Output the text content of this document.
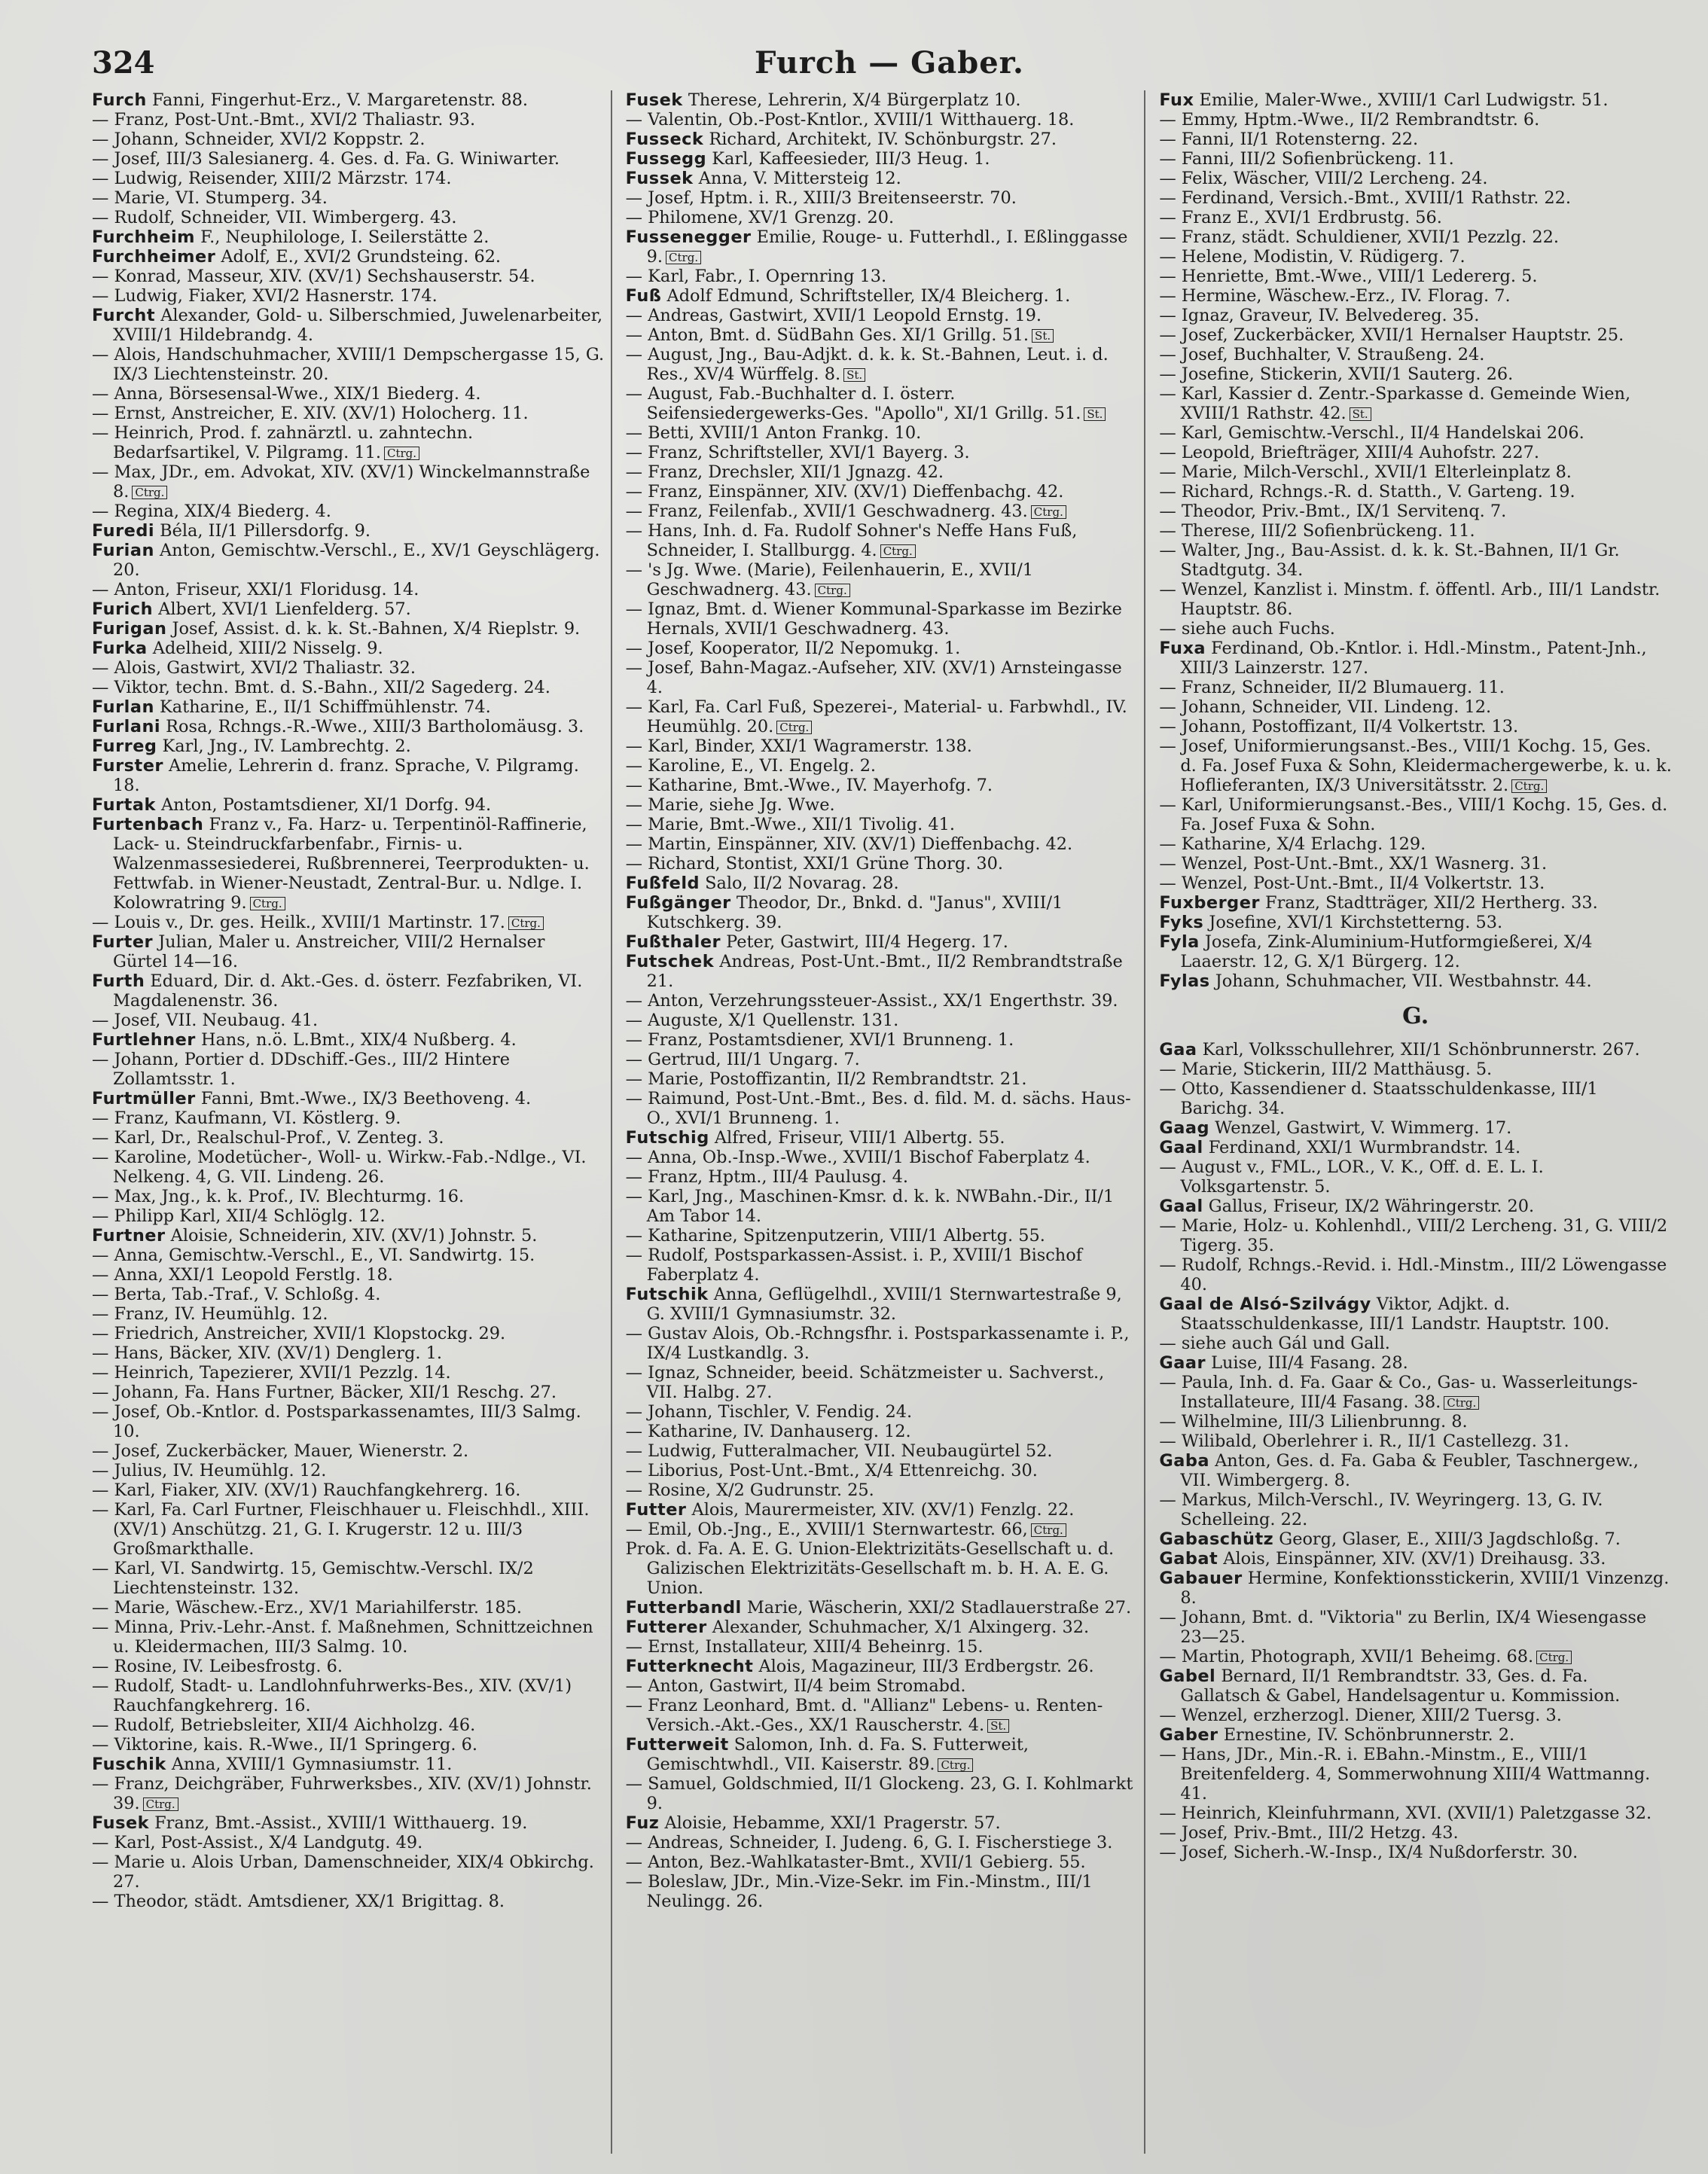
324	Furch — Gaber.
Furch Fanni, Fingerhut-Erz., V. Margaretenstr. 88.
— Franz, Post-Unt.-Bmt., XVI/2 Thaliastr. 93.
— Johann, Schneider, XVI/2 Koppstr. 2.
— Josef, III/3 Salesianerg. 4. Ges. d. Fa. G. Winiwarter.
— Ludwig, Reisender, XIII/2 Märzstr. 174.
— Marie, VI. Stumperg. 34.
— Rudolf, Schneider, VII. Wimbergerg. 43.
Furchheim F., Neuphilologe, I. Seilerstätte 2.
Furchheimer Adolf, E., XVI/2 Grundsteing. 62.
— Konrad, Masseur, XIV. (XV/1) Sechshauserstr. 54.
— Ludwig, Fiaker, XVI/2 Hasnerstr. 174.
Furcht Alexander, Gold- u. Silberschmied, Juwelenarbeiter, XVIII/1 Hildebrandg. 4.
— Alois, Handschuhmacher, XVIII/1 Dempschergasse 15, G. IX/3 Liechtensteinstr. 20.
— Anna, Börsesensal-Wwe., XIX/1 Biederg. 4.
— Ernst, Anstreicher, E. XIV. (XV/1) Holocherg. 11.
— Heinrich, Prod. f. zahnärztl. u. zahntechn. Bedarfsartikel, V. Pilgramg. 11. Ctrg.
— Max, JDr., em. Advokat, XIV. (XV/1) Winckelmannstraße 8. Ctrg.
— Regina, XIX/4 Biederg. 4.
Furedi Béla, II/1 Pillersdorfg. 9.
Furian Anton, Gemischtw.-Verschl., E., XV/1 Geyschlägerg. 20.
— Anton, Friseur, XXI/1 Floridusg. 14.
Furich Albert, XVI/1 Lienfelderg. 57.
Furigan Josef, Assist. d. k. k. St.-Bahnen, X/4 Rieplstr. 9.
Furka Adelheid, XIII/2 Nisselg. 9.
— Alois, Gastwirt, XVI/2 Thaliastr. 32.
— Viktor, techn. Bmt. d. S.-Bahn., XII/2 Sagederg. 24.
Furlan Katharine, E., II/1 Schiffmühlenstr. 74.
Furlani Rosa, Rchngs.-R.-Wwe., XIII/3 Bartholomäusg. 3.
Furreg Karl, Jng., IV. Lambrechtg. 2.
Furster Amelie, Lehrerin d. franz. Sprache, V. Pilgramg. 18.
Furtak Anton, Postamtsdiener, XI/1 Dorfg. 94.
Furtenbach Franz v., Fa. Harz- u. Terpentinöl-Raffinerie, Lack- u. Steindruckfarbenfabr., Firnis- u. Walzenmassesiederei, Rußbrennerei, Teerprodukten- u. Fettwfab. in Wiener-Neustadt, Zentral-Bur. u. Ndlge. I. Kolowratring 9. Ctrg.
— Louis v., Dr. ges. Heilk., XVIII/1 Martinstr. 17. Ctrg.
Furter Julian, Maler u. Anstreicher, VIII/2 Hernalser Gürtel 14—16.
Furth Eduard, Dir. d. Akt.-Ges. d. österr. Fezfabriken, VI. Magdalenenstr. 36.
— Josef, VII. Neubaug. 41.
Furtlehner Hans, n.ö. L.Bmt., XIX/4 Nußberg. 4.
— Johann, Portier d. DDschiff.-Ges., III/2 Hintere Zollamtsstr. 1.
Furtmüller Fanni, Bmt.-Wwe., IX/3 Beethoveng. 4.
— Franz, Kaufmann, VI. Köstlerg. 9.
— Karl, Dr., Realschul-Prof., V. Zenteg. 3.
— Karoline, Modetücher-, Woll- u. Wirkw.-Fab.-Ndlge., VI. Nelkeng. 4, G. VII. Lindeng. 26.
— Max, Jng., k. k. Prof., IV. Blechturmg. 16.
— Philipp Karl, XII/4 Schlöglg. 12.
Furtner Aloisie, Schneiderin, XIV. (XV/1) Johnstr. 5.
— Anna, Gemischtw.-Verschl., E., VI. Sandwirtg. 15.
— Anna, XXI/1 Leopold Ferstlg. 18.
— Berta, Tab.-Traf., V. Schloßg. 4.
— Franz, IV. Heumühlg. 12.
— Friedrich, Anstreicher, XVII/1 Klopstockg. 29.
— Hans, Bäcker, XIV. (XV/1) Denglerg. 1.
— Heinrich, Tapezierer, XVII/1 Pezzlg. 14.
— Johann, Fa. Hans Furtner, Bäcker, XII/1 Reschg. 27.
— Josef, Ob.-Kntlor. d. Postsparkassenamtes, III/3 Salmg. 10.
— Josef, Zuckerbäcker, Mauer, Wienerstr. 2.
— Julius, IV. Heumühlg. 12.
— Karl, Fiaker, XIV. (XV/1) Rauchfangkehrerg. 16.
— Karl, Fa. Carl Furtner, Fleischhauer u. Fleischhdl., XIII. (XV/1) Anschützg. 21, G. I. Krugerstr. 12 u. III/3 Großmarkthalle.
— Karl, VI. Sandwirtg. 15, Gemischtw.-Verschl. IX/2 Liechtensteinstr. 132.
— Marie, Wäschew.-Erz., XV/1 Mariahilferstr. 185.
— Minna, Priv.-Lehr.-Anst. f. Maßnehmen, Schnittzeichnen u. Kleidermachen, III/3 Salmg. 10.
— Rosine, IV. Leibesfrostg. 6.
— Rudolf, Stadt- u. Landlohnfuhrwerks-Bes., XIV. (XV/1) Rauchfangkehrerg. 16.
— Rudolf, Betriebsleiter, XII/4 Aichholzg. 46.
— Viktorine, kais. R.-Wwe., II/1 Springerg. 6.
Fuschik Anna, XVIII/1 Gymnasiumstr. 11.
— Franz, Deichgräber, Fuhrwerksbes., XIV. (XV/1) Johnstr. 39. Ctrg.
Fusek Franz, Bmt.-Assist., XVIII/1 Witthauerg. 19.
— Karl, Post-Assist., X/4 Landgutg. 49.
— Marie u. Alois Urban, Damenschneider, XIX/4 Obkirchg. 27.
— Theodor, städt. Amtsdiener, XX/1 Brigittag. 8.
Fusek Therese, Lehrerin, X/4 Bürgerplatz 10.
— Valentin, Ob.-Post-Kntlor., XVIII/1 Witthauerg. 18.
Fusseck Richard, Architekt, IV. Schönburgstr. 27.
Fussegg Karl, Kaffeesieder, III/3 Heug. 1.
Fussek Anna, V. Mittersteig 12.
— Josef, Hptm. i. R., XIII/3 Breitenseerstr. 70.
— Philomene, XV/1 Grenzg. 20.
Fussenegger Emilie, Rouge- u. Futterhdl., I. Eßlinggasse 9. Ctrg.
— Karl, Fabr., I. Opernring 13.
Fuß Adolf Edmund, Schriftsteller, IX/4 Bleicherg. 1.
— Andreas, Gastwirt, XVII/1 Leopold Ernstg. 19.
— Anton, Bmt. d. SüdBahn Ges. XI/1 Grillg. 51. St.
— August, Jng., Bau-Adjkt. d. k. k. St.-Bahnen, Leut. i. d. Res., XV/4 Würffelg. 8. St.
— August, Fab.-Buchhalter d. I. österr. Seifensiedergewerks-Ges. "Apollo", XI/1 Grillg. 51. St.
— Betti, XVIII/1 Anton Frankg. 10.
— Franz, Schriftsteller, XVI/1 Bayerg. 3.
— Franz, Drechsler, XII/1 Jgnazg. 42.
— Franz, Einspänner, XIV. (XV/1) Dieffenbachg. 42.
— Franz, Feilenfab., XVII/1 Geschwadnerg. 43. Ctrg.
— Hans, Inh. d. Fa. Rudolf Sohner's Neffe Hans Fuß, Schneider, I. Stallburgg. 4. Ctrg.
— 's Jg. Wwe. (Marie), Feilenhauerin, E., XVII/1 Geschwadnerg. 43. Ctrg.
— Ignaz, Bmt. d. Wiener Kommunal-Sparkasse im Bezirke Hernals, XVII/1 Geschwadnerg. 43.
— Josef, Kooperator, II/2 Nepomukg. 1.
— Josef, Bahn-Magaz.-Aufseher, XIV. (XV/1) Arnsteingasse 4.
— Karl, Fa. Carl Fuß, Spezerei-, Material- u. Farbwhdl., IV. Heumühlg. 20. Ctrg.
— Karl, Binder, XXI/1 Wagramerstr. 138.
— Karoline, E., VI. Engelg. 2.
— Katharine, Bmt.-Wwe., IV. Mayerhofg. 7.
— Marie, siehe Jg. Wwe.
— Marie, Bmt.-Wwe., XII/1 Tivolig. 41.
— Martin, Einspänner, XIV. (XV/1) Dieffenbachg. 42.
— Richard, Stontist, XXI/1 Grüne Thorg. 30.
Fußfeld Salo, II/2 Novarag. 28.
Fußgänger Theodor, Dr., Bnkd. d. "Janus", XVIII/1 Kutschkerg. 39.
Fußthaler Peter, Gastwirt, III/4 Hegerg. 17.
Futschek Andreas, Post-Unt.-Bmt., II/2 Rembrandtstraße 21.
— Anton, Verzehrungssteuer-Assist., XX/1 Engerthstr. 39.
— Auguste, X/1 Quellenstr. 131.
— Franz, Postamtsdiener, XVI/1 Brunneng. 1.
— Gertrud, III/1 Ungarg. 7.
— Marie, Postoffizantin, II/2 Rembrandtstr. 21.
— Raimund, Post-Unt.-Bmt., Bes. d. fild. M. d. sächs. Haus-O., XVI/1 Brunneng. 1.
Futschig Alfred, Friseur, VIII/1 Albertg. 55.
— Anna, Ob.-Insp.-Wwe., XVIII/1 Bischof Faberplatz 4.
— Franz, Hptm., III/4 Paulusg. 4.
— Karl, Jng., Maschinen-Kmsr. d. k. k. NWBahn.-Dir., II/1 Am Tabor 14.
— Katharine, Spitzenputzerin, VIII/1 Albertg. 55.
— Rudolf, Postsparkassen-Assist. i. P., XVIII/1 Bischof Faberplatz 4.
Futschik Anna, Geflügelhdl., XVIII/1 Sternwartestraße 9, G. XVIII/1 Gymnasiumstr. 32.
— Gustav Alois, Ob.-Rchngsfhr. i. Postsparkassenamte i. P., IX/4 Lustkandlg. 3.
— Ignaz, Schneider, beeid. Schätzmeister u. Sachverst., VII. Halbg. 27.
— Johann, Tischler, V. Fendig. 24.
— Katharine, IV. Danhauserg. 12.
— Ludwig, Futteralmacher, VII. Neubaugürtel 52.
— Liborius, Post-Unt.-Bmt., X/4 Ettenreichg. 30.
— Rosine, X/2 Gudrunstr. 25.
Futter Alois, Maurermeister, XIV. (XV/1) Fenzlg. 22.
— Emil, Ob.-Jng., E., XVIII/1 Sternwartestr. 66, Ctrg.
Prok. d. Fa. A. E. G. Union-Elektrizitäts-Gesellschaft u. d. Galizischen Elektrizitäts-Gesellschaft m. b. H. A. E. G. Union.
Futterbandl Marie, Wäscherin, XXI/2 Stadlauerstraße 27.
Futterer Alexander, Schuhmacher, X/1 Alxingerg. 32.
— Ernst, Installateur, XIII/4 Beheinrg. 15.
Futterknecht Alois, Magazineur, III/3 Erdbergstr. 26.
— Anton, Gastwirt, II/4 beim Stromabd.
— Franz Leonhard, Bmt. d. "Allianz" Lebens- u. Renten-Versich.-Akt.-Ges., XX/1 Rauscherstr. 4. St.
Futterweit Salomon, Inh. d. Fa. S. Futterweit, Gemischtwhdl., VII. Kaiserstr. 89. Ctrg.
— Samuel, Goldschmied, II/1 Glockeng. 23, G. I. Kohlmarkt 9.
Fuz Aloisie, Hebamme, XXI/1 Pragerstr. 57.
— Andreas, Schneider, I. Judeng. 6, G. I. Fischerstiege 3.
— Anton, Bez.-Wahlkataster-Bmt., XVII/1 Gebierg. 55.
— Boleslaw, JDr., Min.-Vize-Sekr. im Fin.-Minstm., III/1 Neulingg. 26.
Fux Emilie, Maler-Wwe., XVIII/1 Carl Ludwigstr. 51.
— Emmy, Hptm.-Wwe., II/2 Rembrandtstr. 6.
— Fanni, II/1 Rotensterng. 22.
— Fanni, III/2 Sofienbrückeng. 11.
— Felix, Wäscher, VIII/2 Lercheng. 24.
— Ferdinand, Versich.-Bmt., XVIII/1 Rathstr. 22.
— Franz E., XVI/1 Erdbrustg. 56.
— Franz, städt. Schuldiener, XVII/1 Pezzlg. 22.
— Helene, Modistin, V. Rüdigerg. 7.
— Henriette, Bmt.-Wwe., VIII/1 Ledererg. 5.
— Hermine, Wäschew.-Erz., IV. Florag. 7.
— Ignaz, Graveur, IV. Belvedereg. 35.
— Josef, Zuckerbäcker, XVII/1 Hernalser Hauptstr. 25.
— Josef, Buchhalter, V. Straußeng. 24.
— Josefine, Stickerin, XVII/1 Sauterg. 26.
— Karl, Kassier d. Zentr.-Sparkasse d. Gemeinde Wien, XVIII/1 Rathstr. 42. St.
— Karl, Gemischtw.-Verschl., II/4 Handelskai 206.
— Leopold, Briefträger, XIII/4 Auhofstr. 227.
— Marie, Milch-Verschl., XVII/1 Elterleinplatz 8.
— Richard, Rchngs.-R. d. Statth., V. Garteng. 19.
— Theodor, Priv.-Bmt., IX/1 Servitenq. 7.
— Therese, III/2 Sofienbrückeng. 11.
— Walter, Jng., Bau-Assist. d. k. k. St.-Bahnen, II/1 Gr. Stadtgutg. 34.
— Wenzel, Kanzlist i. Minstm. f. öffentl. Arb., III/1 Landstr. Hauptstr. 86.
— siehe auch Fuchs.
Fuxa Ferdinand, Ob.-Kntlor. i. Hdl.-Minstm., Patent-Jnh., XIII/3 Lainzerstr. 127.
— Franz, Schneider, II/2 Blumauerg. 11.
— Johann, Schneider, VII. Lindeng. 12.
— Johann, Postoffizant, II/4 Volkertstr. 13.
— Josef, Uniformierungsanst.-Bes., VIII/1 Kochg. 15, Ges. d. Fa. Josef Fuxa & Sohn, Kleidermachergewerbe, k. u. k. Hoflieferanten, IX/3 Universitätsstr. 2. Ctrg.
— Karl, Uniformierungsanst.-Bes., VIII/1 Kochg. 15, Ges. d. Fa. Josef Fuxa & Sohn.
— Katharine, X/4 Erlachg. 129.
— Wenzel, Post-Unt.-Bmt., XX/1 Wasnerg. 31.
— Wenzel, Post-Unt.-Bmt., II/4 Volkertstr. 13.
Fuxberger Franz, Stadtträger, XII/2 Hertherg. 33.
Fyks Josefine, XVI/1 Kirchstetterng. 53.
Fyla Josefa, Zink-Aluminium-Hutformgießerei, X/4 Laaerstr. 12, G. X/1 Bürgerg. 12.
Fylas Johann, Schuhmacher, VII. Westbahnstr. 44.
G.
Gaa Karl, Volksschullehrer, XII/1 Schönbrunnerstr. 267.
— Marie, Stickerin, III/2 Matthäusg. 5.
— Otto, Kassendiener d. Staatsschuldenkasse, III/1 Barichg. 34.
Gaag Wenzel, Gastwirt, V. Wimmerg. 17.
Gaal Ferdinand, XXI/1 Wurmbrandstr. 14.
— August v., FML., LOR., V. K., Off. d. E. L. I. Volksgartenstr. 5.
Gaal Gallus, Friseur, IX/2 Währingerstr. 20.
— Marie, Holz- u. Kohlenhdl., VIII/2 Lercheng. 31, G. VIII/2 Tigerg. 35.
— Rudolf, Rchngs.-Revid. i. Hdl.-Minstm., III/2 Löwengasse 40.
Gaal de Alsó-Szilvágy Viktor, Adjkt. d. Staatsschuldenkasse, III/1 Landstr. Hauptstr. 100.
— siehe auch Gál und Gall.
Gaar Luise, III/4 Fasang. 28.
— Paula, Inh. d. Fa. Gaar & Co., Gas- u. Wasserleitungs-Installateure, III/4 Fasang. 38. Ctrg.
— Wilhelmine, III/3 Lilienbrunng. 8.
— Wilibald, Oberlehrer i. R., II/1 Castellezg. 31.
Gaba Anton, Ges. d. Fa. Gaba & Feubler, Taschnergew., VII. Wimbergerg. 8.
— Markus, Milch-Verschl., IV. Weyringerg. 13, G. IV. Schelleing. 22.
Gabaschütz Georg, Glaser, E., XIII/3 Jagdschloßg. 7.
Gabat Alois, Einspänner, XIV. (XV/1) Dreihausg. 33.
Gabauer Hermine, Konfektionsstickerin, XVIII/1 Vinzenzg. 8.
— Johann, Bmt. d. "Viktoria" zu Berlin, IX/4 Wiesengasse 23—25.
— Martin, Photograph, XVII/1 Beheimg. 68. Ctrg.
Gabel Bernard, II/1 Rembrandtstr. 33, Ges. d. Fa. Gallatsch & Gabel, Handelsagentur u. Kommission.
— Wenzel, erzherzogl. Diener, XIII/2 Tuersg. 3.
Gaber Ernestine, IV. Schönbrunnerstr. 2.
— Hans, JDr., Min.-R. i. EBahn.-Minstm., E., VIII/1 Breitenfelderg. 4, Sommerwohnung XIII/4 Wattmanng. 41.
— Heinrich, Kleinfuhrmann, XVI. (XVII/1) Paletzgasse 32.
— Josef, Priv.-Bmt., III/2 Hetzg. 43.
— Josef, Sicherh.-W.-Insp., IX/4 Nußdorferstr. 30.
